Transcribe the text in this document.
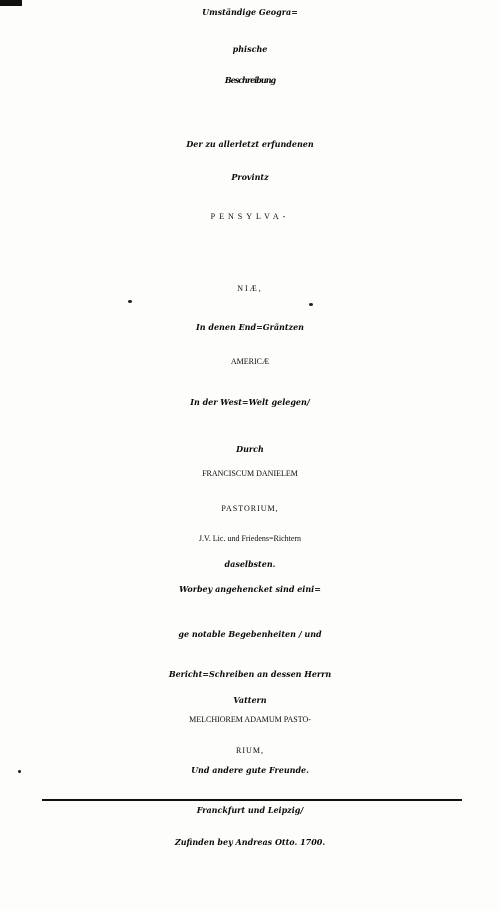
Umständige Geogra=
phische
Beschreibung
Der zu allerletzt erfundenen
Provintz
PENSYLVA-
NIÆ,
In denen End=Gräntzen
AMERICÆ
In der West=Welt gelegen/
Durch
FRANCISCUM DANIELEM
PASTORIUM,
J.V. Lic. und Friedens=Richtern
daselbsten.
Worbey angehencket sind eini=
ge notable Begebenheiten / und
Bericht=Schreiben an dessen Herrn
Vattern
MELCHIOREM ADAMUM PASTO-
RIUM,
Und andere gute Freunde.
Franckfurt und Leipzig/
Zufinden bey Andreas Otto. 1700.
